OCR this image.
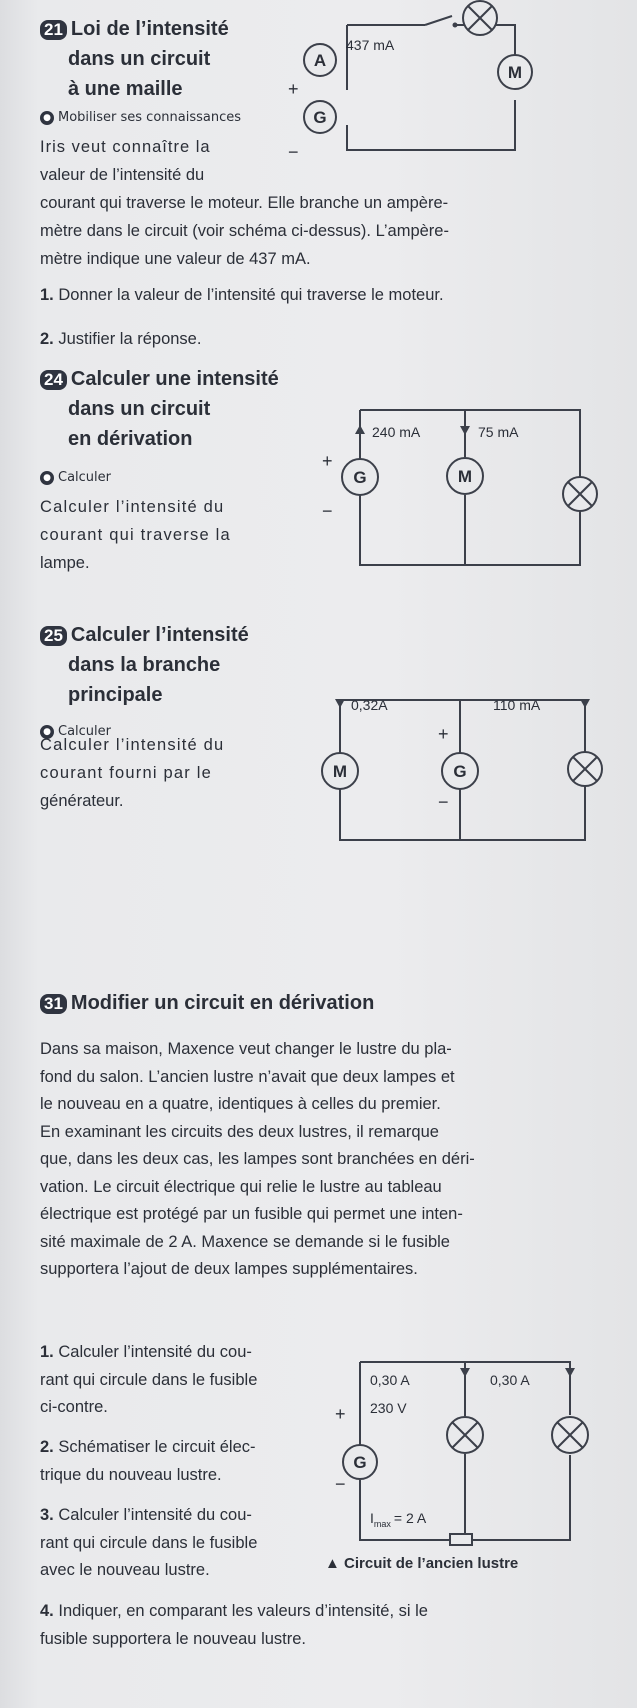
21 Loi de l’intensité
dans un circuit
à une maille
● Mobiliser ses connaissances
Iris veut connaître la
valeur de l’intensité du
courant qui traverse le moteur. Elle branche un ampère-
mètre dans le circuit (voir schéma ci-dessus). L’ampère-
mètre indique une valeur de 437 mA.
1. Donner la valeur de l’intensité qui traverse le moteur.
2. Justifier la réponse.
A
M
G
437 mA
+
−
24 Calculer une intensité
dans un circuit
en dérivation
● Calculer
Calculer l’intensité du
courant qui traverse la
lampe.
G	M
240 mA	75 mA
+
−
25 Calculer l’intensité
dans la branche
principale
● Calculer
Calculer l’intensité du
courant fourni par le
générateur.
M	G
0,32A	110 mA
+
−
31 Modifier un circuit en dérivation

Dans sa maison, Maxence veut changer le lustre du pla-

fond du salon. L’ancien lustre n’avait que deux lampes et

le nouveau en a quatre, identiques à celles du premier.

En examinant les circuits des deux lustres, il remarque

que, dans les deux cas, les lampes sont branchées en déri-

vation. Le circuit électrique qui relie le lustre au tableau

électrique est protégé par un fusible qui permet une inten-

sité maximale de 2 A. Maxence se demande si le fusible

supportera l’ajout de deux lampes supplémentaires.

1. Calculer l’intensité du cou-

rant qui circule dans le fusible

ci-contre.

2. Schématiser le circuit élec-

trique du nouveau lustre.

3. Calculer l’intensité du cou-

rant qui circule dans le fusible

avec le nouveau lustre.

4. Indiquer, en comparant les valeurs d’intensité, si le

fusible supportera le nouveau lustre.

G
0,30 A	0,30 A
230 V
+
−
$I_{max} = 2$ A
▲ Circuit de l’ancien lustre
